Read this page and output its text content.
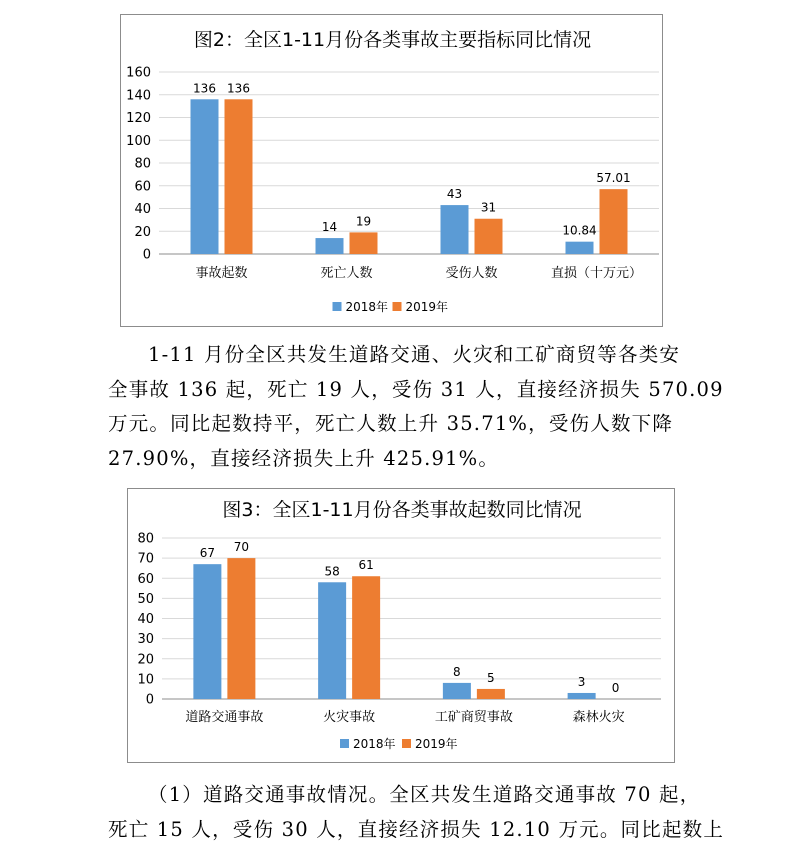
图2：全区1-11月份各类事故主要指标同比情况
0
20
40
60
80
100
120
140
160
136 136
事故起数
14 19
死亡人数
43
31
受伤人数
10.84
57.01
直损（十万元）
2018年 2019年
1-11 月份全区共发生道路交通、火灾和工矿商贸等各类安
全事故 136 起，死亡 19 人，受伤 31 人，直接经济损失 570.09
万元。同比起数持平，死亡人数上升 35.71%，受伤人数下降
27.90%，直接经济损失上升 425.91%。
图3：全区1-11月份各类事故起数同比情况
0
10
20
30
40
50
60
70
80
67 70
道路交通事故
58 61
火灾事故
8 5
工矿商贸事故
3 0
森林火灾
2018年 2019年
（1）道路交通事故情况。全区共发生道路交通事故 70 起，
死亡 15 人，受伤 30 人，直接经济损失 12.10 万元。同比起数上
